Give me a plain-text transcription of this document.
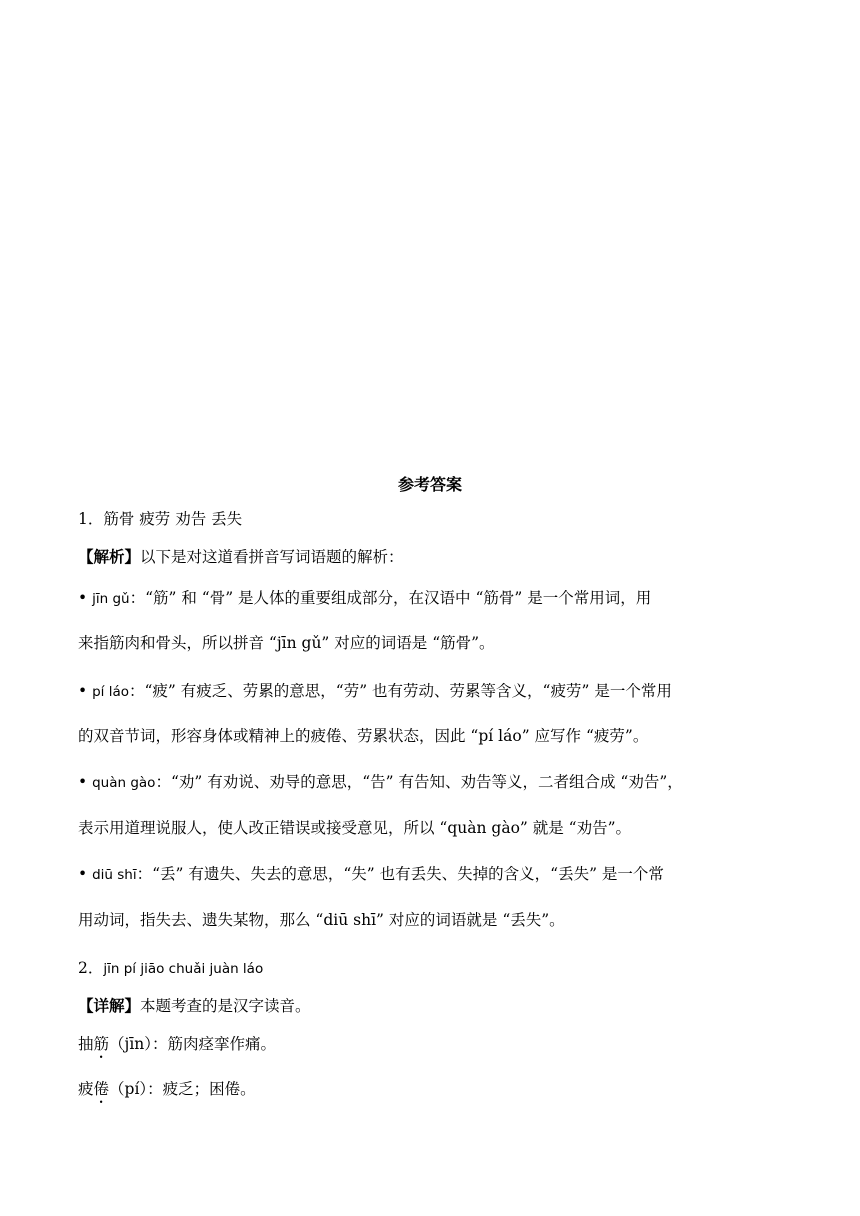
参考答案
1．筋骨 疲劳 劝告 丢失
【解析】以下是对这道看拼音写词语题的解析：
• jīn gǔ：“筋” 和 “骨” 是人体的重要组成部分，在汉语中 “筋骨” 是一个常用词，用
来指筋肉和骨头，所以拼音 “jīn gǔ” 对应的词语是 “筋骨”。
• pí láo：“疲” 有疲乏、劳累的意思，“劳” 也有劳动、劳累等含义，“疲劳” 是一个常用
的双音节词，形容身体或精神上的疲倦、劳累状态，因此 “pí láo” 应写作 “疲劳”。
• quàn gào：“劝” 有劝说、劝导的意思，“告” 有告知、劝告等义，二者组合成 “劝告”，
表示用道理说服人，使人改正错误或接受意见，所以 “quàn gào” 就是 “劝告”。
• diū shī：“丢” 有遗失、失去的意思，“失” 也有丢失、失掉的含义，“丢失” 是一个常
用动词，指失去、遗失某物，那么 “diū shī” 对应的词语就是 “丢失”。
2．jīn pí jiāo chuǎi juàn láo
【详解】本题考查的是汉字读音。
抽筋（jīn）：筋肉痉挛作痛。
疲倦（pí）：疲乏；困倦。
